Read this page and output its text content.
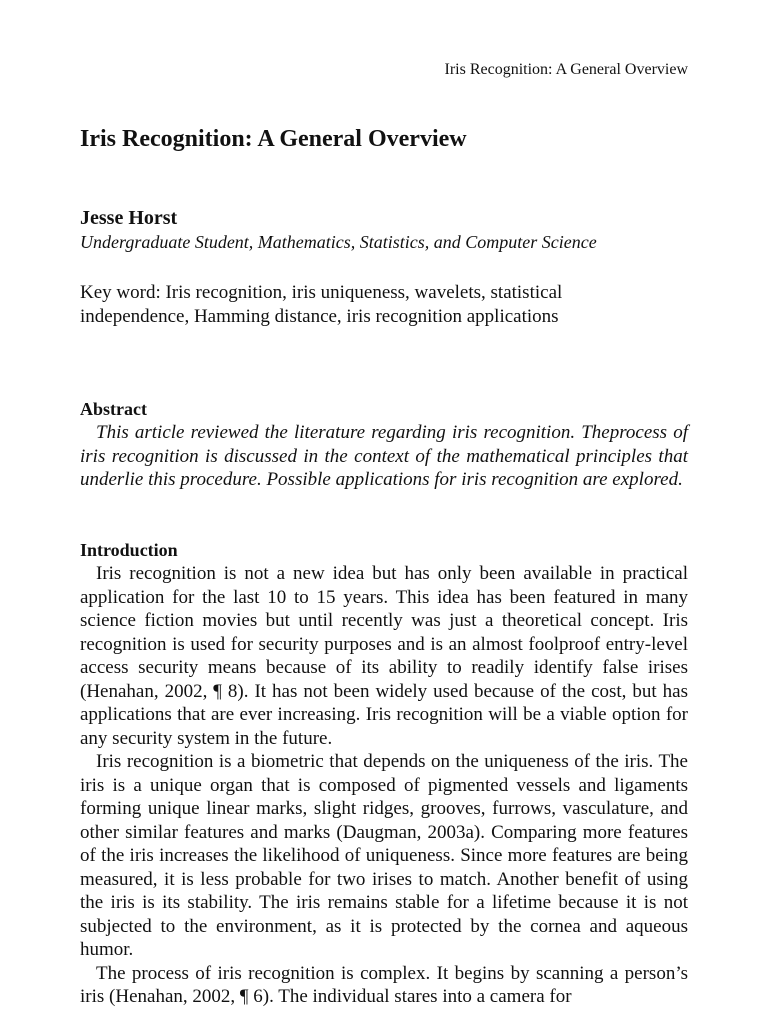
Iris Recognition: A General Overview
Iris Recognition: A General Overview
Jesse Horst
Undergraduate Student, Mathematics, Statistics, and Computer Science
Key word: Iris recognition, iris uniqueness, wavelets, statistical independence, Hamming distance, iris recognition applications
Abstract

This article reviewed the literature regarding iris recognition. Theprocess of iris recognition is discussed in the context of the mathematical principles that underlie this procedure. Possible applications for iris recognition are explored.

Introduction

Iris recognition is not a new idea but has only been available in practical application for the last 10 to 15 years. This idea has been featured in many science fiction movies but until recently was just a theoretical concept. Iris recognition is used for security purposes and is an almost foolproof entry-level access security means because of its ability to readily identify false irises (Henahan, 2002, ¶ 8). It has not been widely used because of the cost, but has applications that are ever increasing. Iris recognition will be a viable option for any security system in the future.

Iris recognition is a biometric that depends on the uniqueness of the iris. The iris is a unique organ that is composed of pigmented vessels and ligaments forming unique linear marks, slight ridges, grooves, furrows, vasculature, and other similar features and marks (Daugman, 2003a). Comparing more features of the iris increases the likelihood of uniqueness. Since more features are being measured, it is less probable for two irises to match. Another benefit of using the iris is its stability. The iris remains stable for a lifetime because it is not subjected to the environment, as it is protected by the cornea and aqueous humor.

The process of iris recognition is complex. It begins by scanning a person’s iris (Henahan, 2002, ¶ 6). The individual stares into a camera for
